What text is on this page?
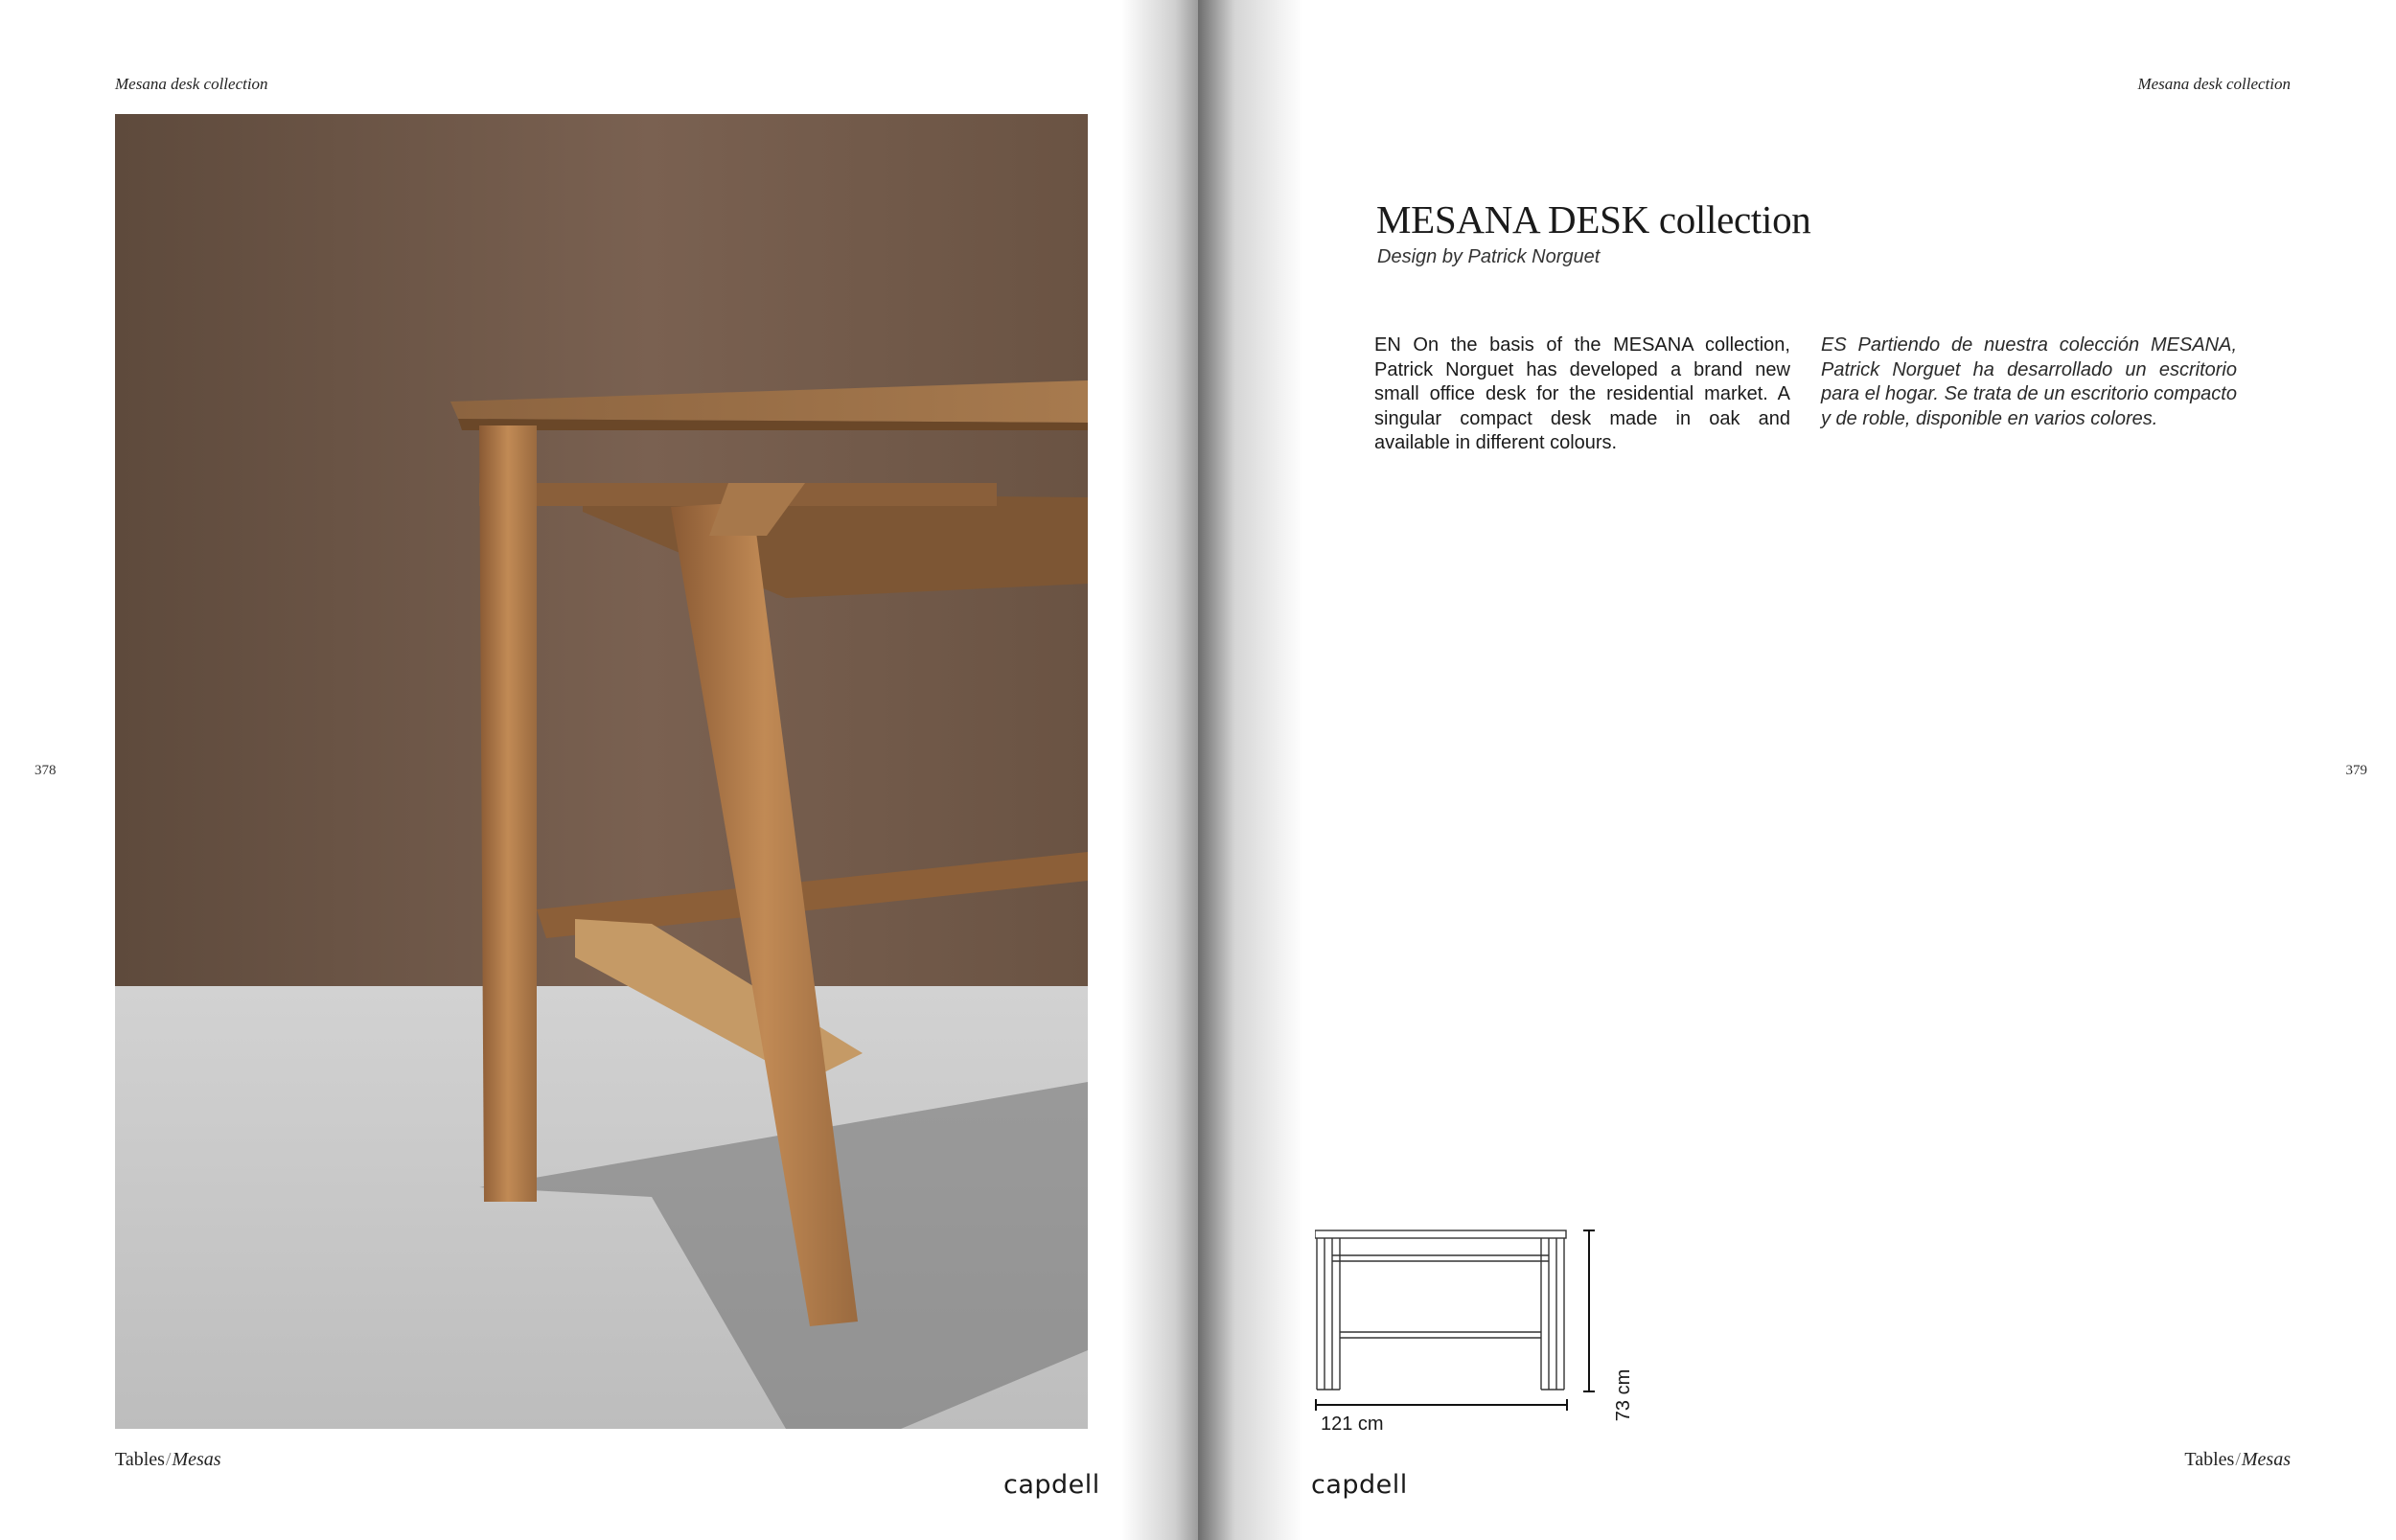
Mesana desk collection
378
Tables/Mesas
capdell
Mesana desk collection
MESANA DESK collection
Design by Patrick Norguet
EN On the basis of the MESANA collection, Patrick Norguet has developed a brand new small office desk for the residential market. A singular compact desk made in oak and available in different colours.
ES Partiendo de nuestra colección MESANA, Patrick Norguet ha desarrollado un escritorio para el hogar. Se trata de un escritorio compacto y de roble, disponible en varios colores.
121 cm
73 cm
379
capdell
Tables/Mesas
